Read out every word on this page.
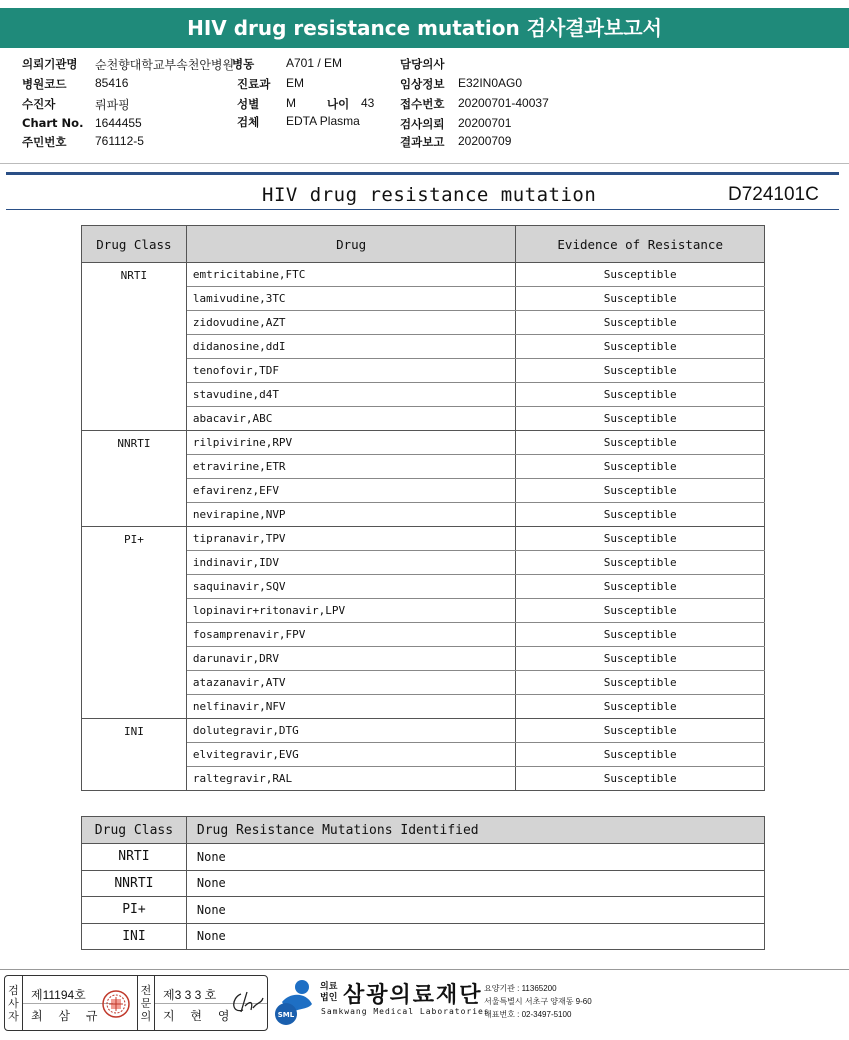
HIV drug resistance mutation 검사결과보고서
의뢰기관명 순천향대학교부속천안병원
병동	A701 / EM	담당의사
병원코드 85416	진료과 EM	임상정보 E32IN0AG0
수진자	뤼파핑	성별 M	나이 43 접수번호 20200701-40037
Chart No. 1644455	검체 EDTA Plasma	검사의뢰 20200701
주민번호 761112-5	결과보고 20200709
HIV drug resistance mutation	D724101C
Drug Class	Drug	Evidence of Resistance
NRTI	emtricitabine,FTC	Susceptible
	lamivudine,3TC	Susceptible
	zidovudine,AZT	Susceptible
	didanosine,ddI	Susceptible
	tenofovir,TDF	Susceptible
	stavudine,d4T	Susceptible
	abacavir,ABC	Susceptible
NNRTI	rilpivirine,RPV	Susceptible
	etravirine,ETR	Susceptible
	efavirenz,EFV	Susceptible
	nevirapine,NVP	Susceptible
PI+	tipranavir,TPV	Susceptible
	indinavir,IDV	Susceptible
	saquinavir,SQV	Susceptible
	lopinavir+ritonavir,LPV	Susceptible
	fosamprenavir,FPV	Susceptible
	darunavir,DRV	Susceptible
	atazanavir,ATV	Susceptible
	nelfinavir,NFV	Susceptible
INI	dolutegravir,DTG	Susceptible
	elvitegravir,EVG	Susceptible
	raltegravir,RAL	Susceptible
Drug Class	Drug Resistance Mutations Identified
NRTI	None
NNRTI	None
PI+	None
INI	None
검
사
자
제11194호
최 삼 규
전
문
의
제3 3 3 호
지 현 영	SML
의료
법인 삼광의료재단
Samkwang Medical Laboratories
요양기관 : 11365200
서울특별시 서초구 양재동 9-60
대표번호 : 02-3497-5100
